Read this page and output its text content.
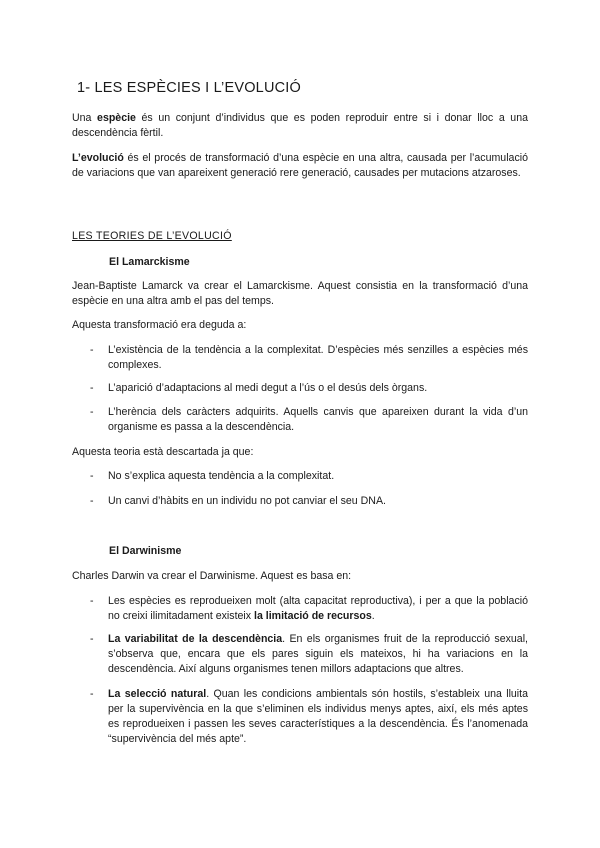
1- LES ESPÈCIES I L’EVOLUCIÓ

Una espècie és un conjunt d’individus que es poden reproduir entre si i donar lloc a una descendència fèrtil.

L’evolució és el procés de transformació d’una espècie en una altra, causada per l’acumulació de variacions que van apareixent generació rere generació, causades per mutacions atzaroses.

LES TEORIES DE L’EVOLUCIÓ

El Lamarckisme

Jean-Baptiste Lamarck va crear el Lamarckisme. Aquest consistia en la transformació d’una espècie en una altra amb el pas del temps.

Aquesta transformació era deguda a:

- L’existència de la tendència a la complexitat. D’espècies més senzilles a espècies més complexes.
- L’aparició d’adaptacions al medi degut a l’ús o el desús dels òrgans.
- L’herència dels caràcters adquirits. Aquells canvis que apareixen durant la vida d’un organisme es passa a la descendència.

Aquesta teoria està descartada ja que:

- No s’explica aquesta tendència a la complexitat.
- Un canvi d’hàbits en un individu no pot canviar el seu DNA.

El Darwinisme

Charles Darwin va crear el Darwinisme. Aquest es basa en:

- Les espècies es reprodueixen molt (alta capacitat reproductiva), i per a que la població no creixi ilimitadament existeix la limitació de recursos.
- La variabilitat de la descendència. En els organismes fruit de la reproducció sexual, s’observa que, encara que els pares siguin els mateixos, hi ha variacions en la descendència. Així alguns organismes tenen millors adaptacions que altres.
- La selecció natural. Quan les condicions ambientals són hostils, s’estableix una lluita per la supervivència en la que s’eliminen els individus menys aptes, així, els més aptes es reprodueixen i passen les seves característiques a la descendència. És l’anomenada “supervivència del més apte”.
